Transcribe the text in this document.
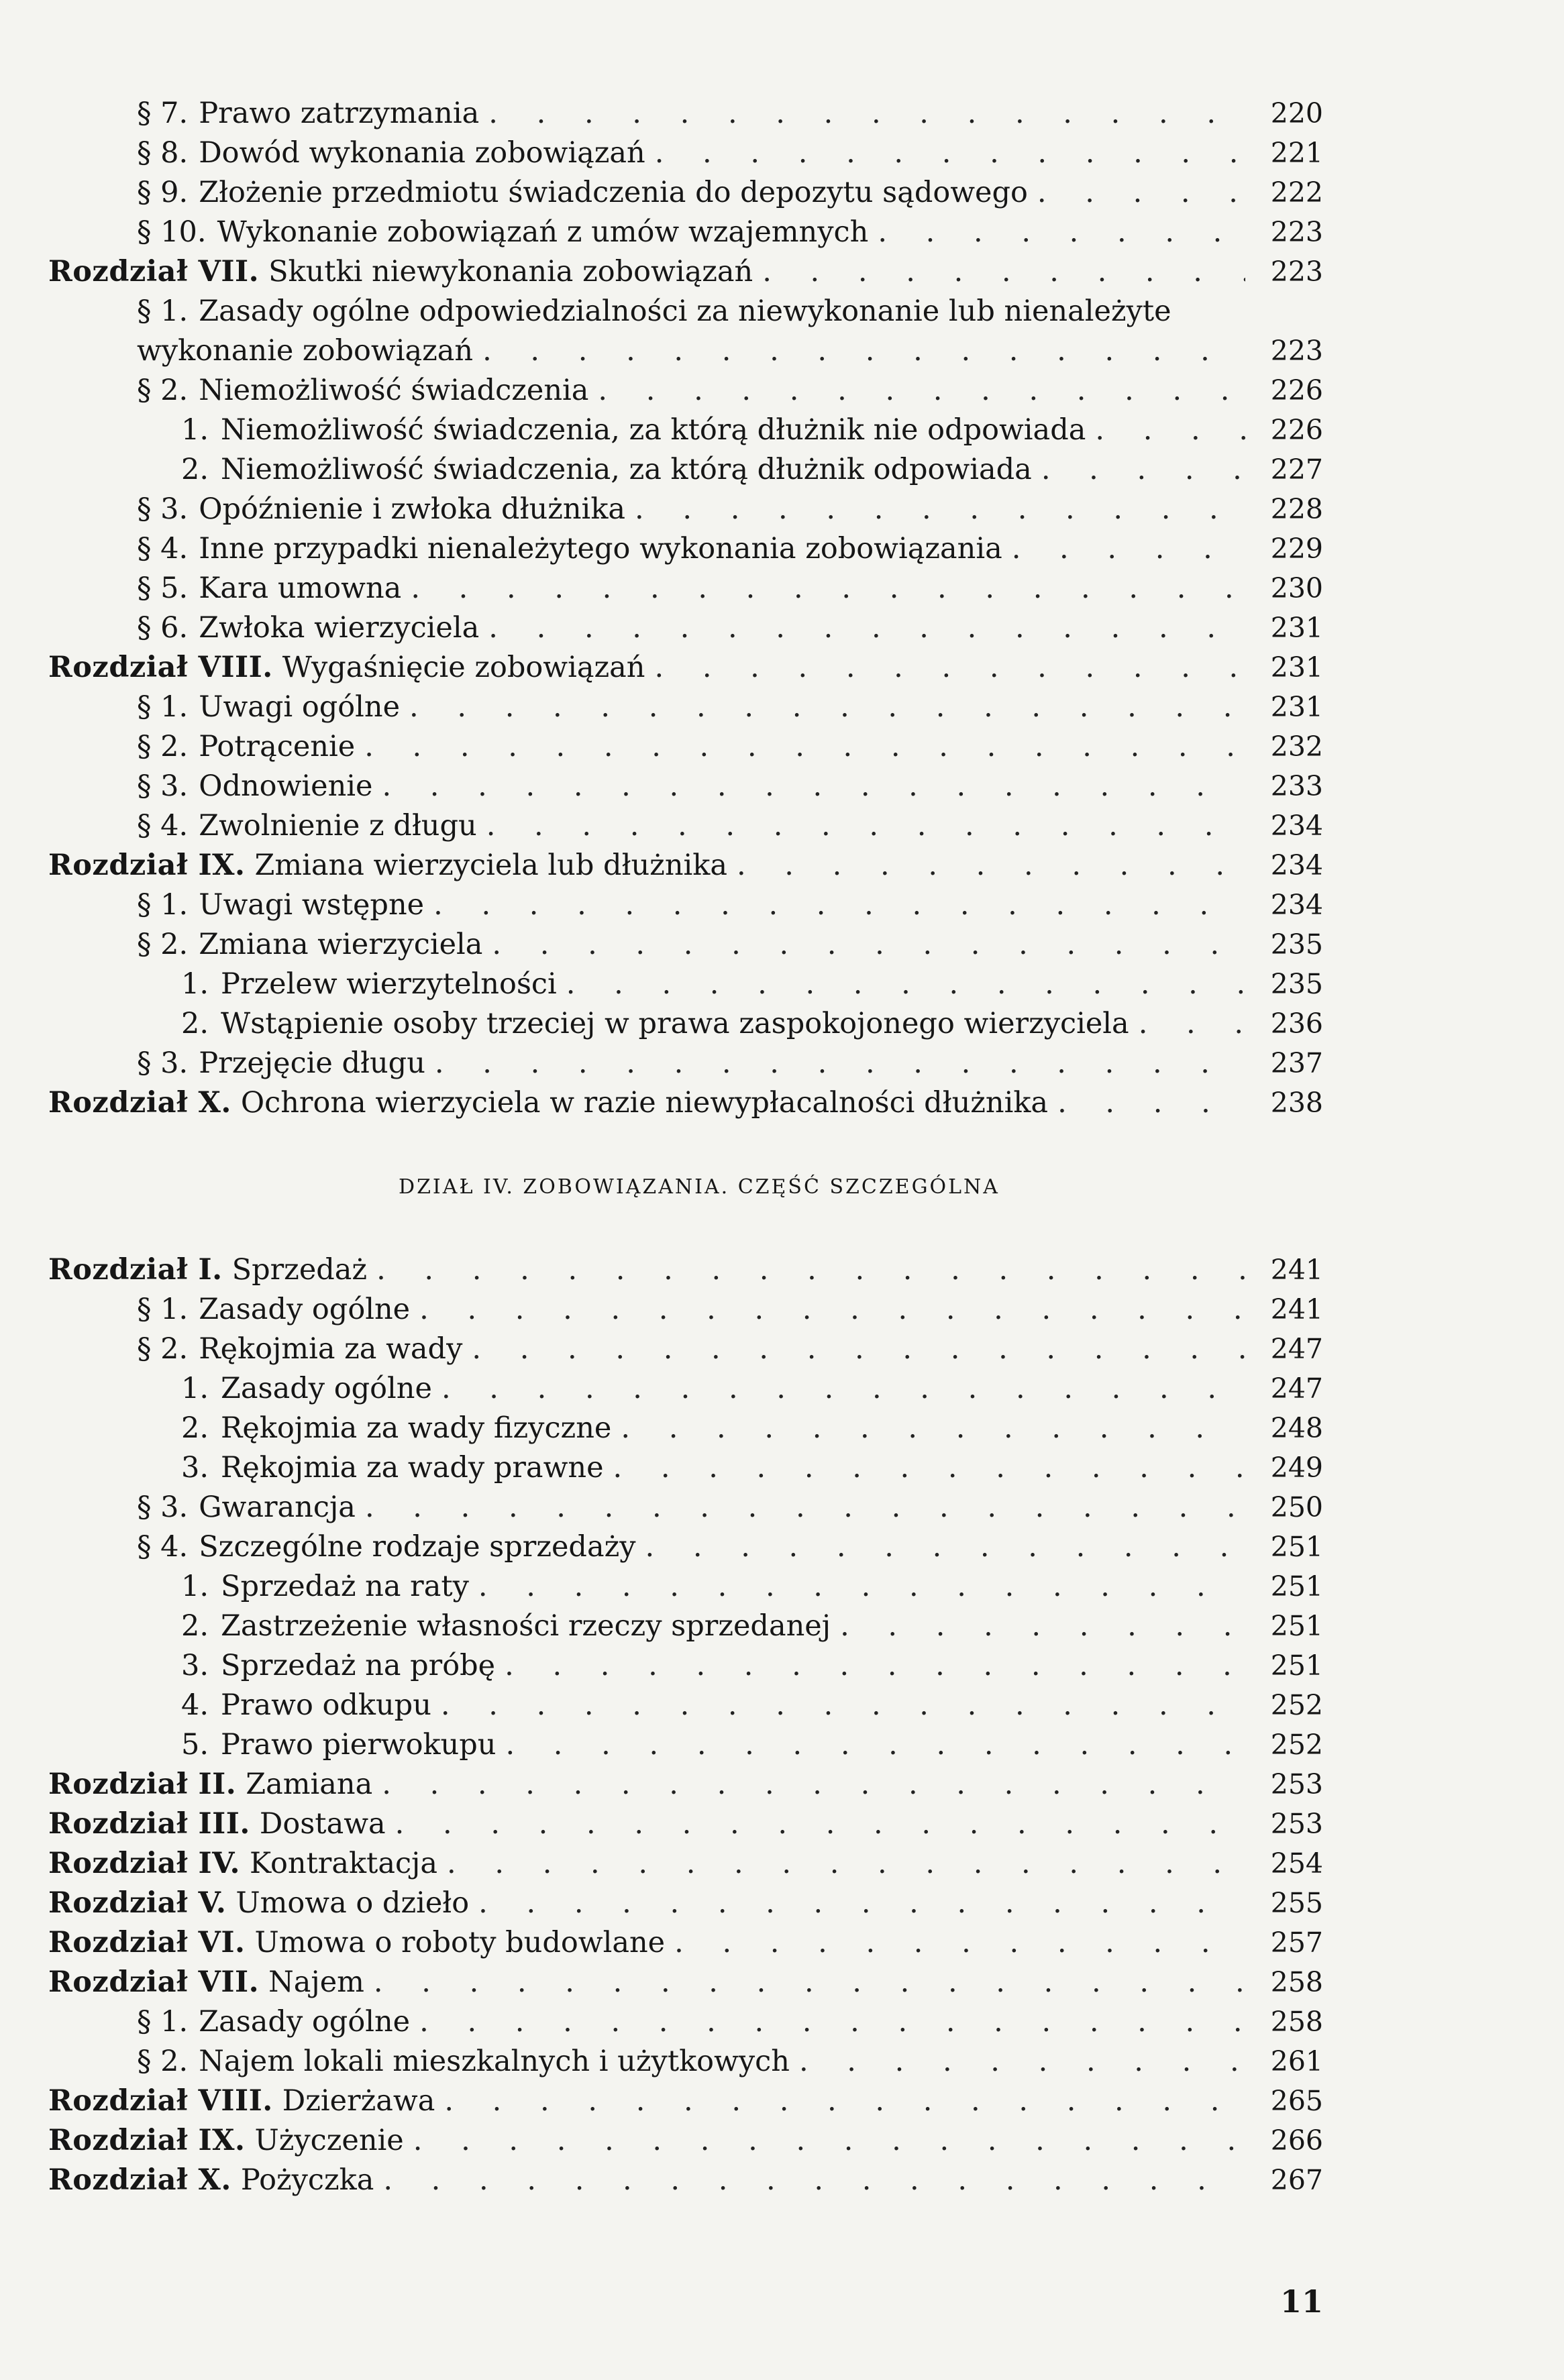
§ 7. Prawo zatrzymania . . .	220
§ 8. Dowód wykonania zobowiązań . . .	221
§ 9. Złożenie przedmiotu świadczenia do depozytu sądowego . . .	222
§ 10. Wykonanie zobowiązań z umów wzajemnych . . .	223
Rozdział VII. Skutki niewykonania zobowiązań . . .	223
§ 1. Zasady ogólne odpowiedzialności za niewykonanie lub nienależyte
wykonanie zobowiązań . . .	223
§ 2. Niemożliwość świadczenia . . .	226
1. Niemożliwość świadczenia, za którą dłużnik nie odpowiada . . .	226
2. Niemożliwość świadczenia, za którą dłużnik odpowiada . . .	227
§ 3. Opóźnienie i zwłoka dłużnika . . .	228
§ 4. Inne przypadki nienależytego wykonania zobowiązania . . .	229
§ 5. Kara umowna . . .	230
§ 6. Zwłoka wierzyciela . . .	231
Rozdział VIII. Wygaśnięcie zobowiązań . . .	231
§ 1. Uwagi ogólne . . .	231
§ 2. Potrącenie . . .	232
§ 3. Odnowienie . . .	233
§ 4. Zwolnienie z długu . . .	234
Rozdział IX. Zmiana wierzyciela lub dłużnika . . .	234
§ 1. Uwagi wstępne . . .	234
§ 2. Zmiana wierzyciela . . .	235
1. Przelew wierzytelności . . .	235
2. Wstąpienie osoby trzeciej w prawa zaspokojonego wierzyciela . . .	236
§ 3. Przejęcie długu . . .	237
Rozdział X. Ochrona wierzyciela w razie niewypłacalności dłużnika . . .	238
DZIAŁ IV. ZOBOWIĄZANIA. CZĘŚĆ SZCZEGÓLNA
Rozdział I. Sprzedaż . . .	241
§ 1. Zasady ogólne . . .	241
§ 2. Rękojmia za wady . . .	247
1. Zasady ogólne . . .	247
2. Rękojmia za wady fizyczne . . .	248
3. Rękojmia za wady prawne . . .	249
§ 3. Gwarancja . . .	250
§ 4. Szczególne rodzaje sprzedaży . . .	251
1. Sprzedaż na raty . . .	251
2. Zastrzeżenie własności rzeczy sprzedanej . . .	251
3. Sprzedaż na próbę . . .	251
4. Prawo odkupu . . .	252
5. Prawo pierwokupu . . .	252
Rozdział II. Zamiana . . .	253
Rozdział III. Dostawa . . .	253
Rozdział IV. Kontraktacja . . .	254
Rozdział V. Umowa o dzieło . . .	255
Rozdział VI. Umowa o roboty budowlane . . .	257
Rozdział VII. Najem . . .	258
§ 1. Zasady ogólne . . .	258
§ 2. Najem lokali mieszkalnych i użytkowych . . .	261
Rozdział VIII. Dzierżawa . . .	265
Rozdział IX. Użyczenie . . .	266
Rozdział X. Pożyczka . . .	267
11
